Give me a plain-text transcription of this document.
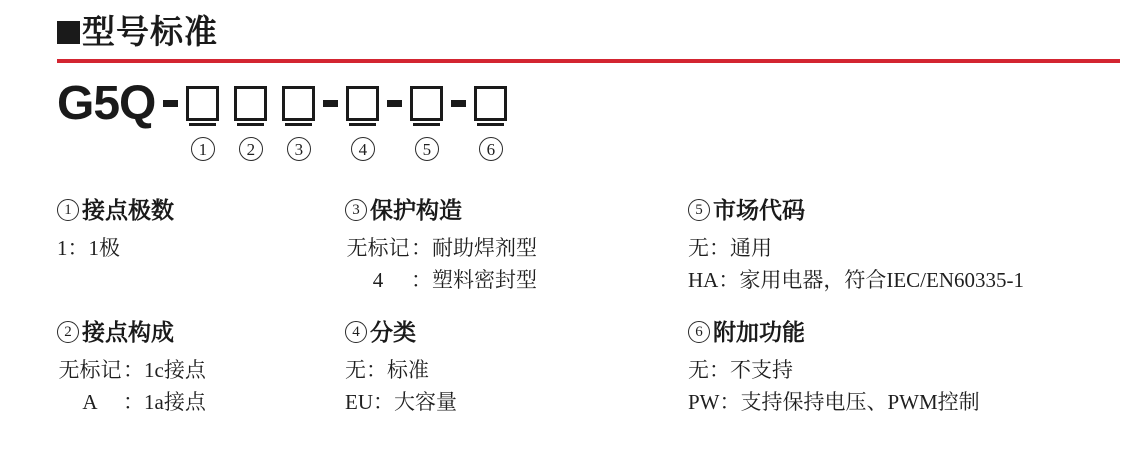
型号标准
G5Q
1	2	3	4	5	6
1 接点极数
1：1极
3 保护构造
无标记：耐助焊剂型
4 ：塑料密封型
5 市场代码
无：通用
HA：家用电器，符合IEC/EN60335-1
2 接点构成
无标记：1c接点
A ：1a接点
4 分类
无：标准
EU：大容量
6 附加功能
无：不支持
PW：支持保持电压、PWM控制
